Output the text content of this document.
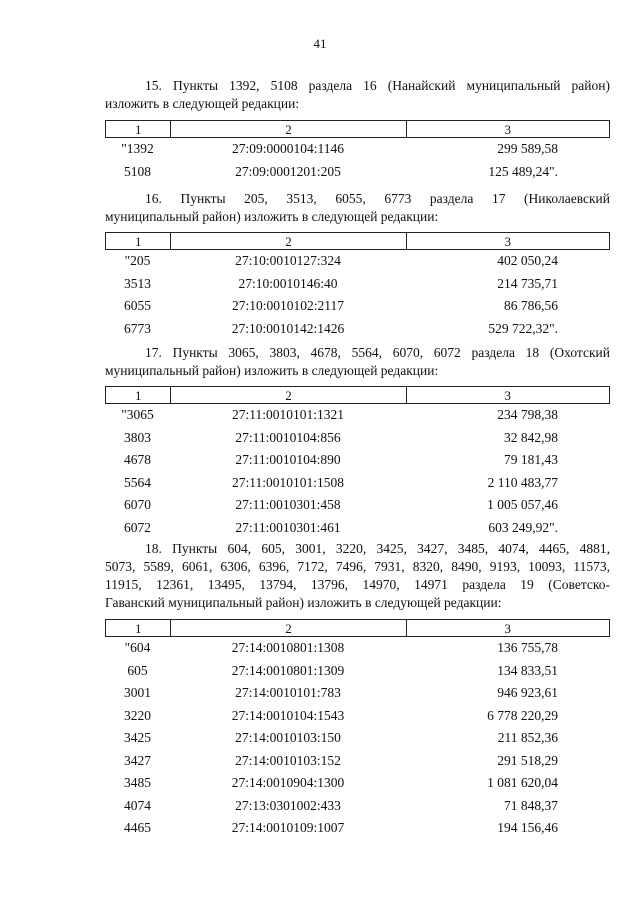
41
15. Пункты 1392, 5108 раздела 16 (Нанайский муниципальный район)
изложить в следующей редакции:
1	2	3
"1392	27:09:0000104:1146	299 589,58
5108	27:09:0001201:205	125 489,24".
16. Пункты 205, 3513, 6055, 6773 раздела 17 (Николаевский
муниципальный район) изложить в следующей редакции:
1	2	3
"205	27:10:0010127:324	402 050,24
3513	27:10:0010146:40	214 735,71
6055	27:10:0010102:2117	86 786,56
6773	27:10:0010142:1426	529 722,32".
17. Пункты 3065, 3803, 4678, 5564, 6070, 6072 раздела 18 (Охотский
муниципальный район) изложить в следующей редакции:
1	2	3
"3065	27:11:0010101:1321	234 798,38
3803	27:11:0010104:856	32 842,98
4678	27:11:0010104:890	79 181,43
5564	27:11:0010101:1508	2 110 483,77
6070	27:11:0010301:458	1 005 057,46
6072	27:11:0010301:461	603 249,92".
18. Пункты 604, 605, 3001, 3220, 3425, 3427, 3485, 4074, 4465, 4881,
5073, 5589, 6061, 6306, 6396, 7172, 7496, 7931, 8320, 8490, 9193, 10093, 11573,
11915, 12361, 13495, 13794, 13796, 14970, 14971 раздела 19 (Советско-
Гаванский муниципальный район) изложить в следующей редакции:
1	2	3
"604	27:14:0010801:1308	136 755,78
605	27:14:0010801:1309	134 833,51
3001	27:14:0010101:783	946 923,61
3220	27:14:0010104:1543	6 778 220,29
3425	27:14:0010103:150	211 852,36
3427	27:14:0010103:152	291 518,29
3485	27:14:0010904:1300	1 081 620,04
4074	27:13:0301002:433	71 848,37
4465	27:14:0010109:1007	194 156,46
